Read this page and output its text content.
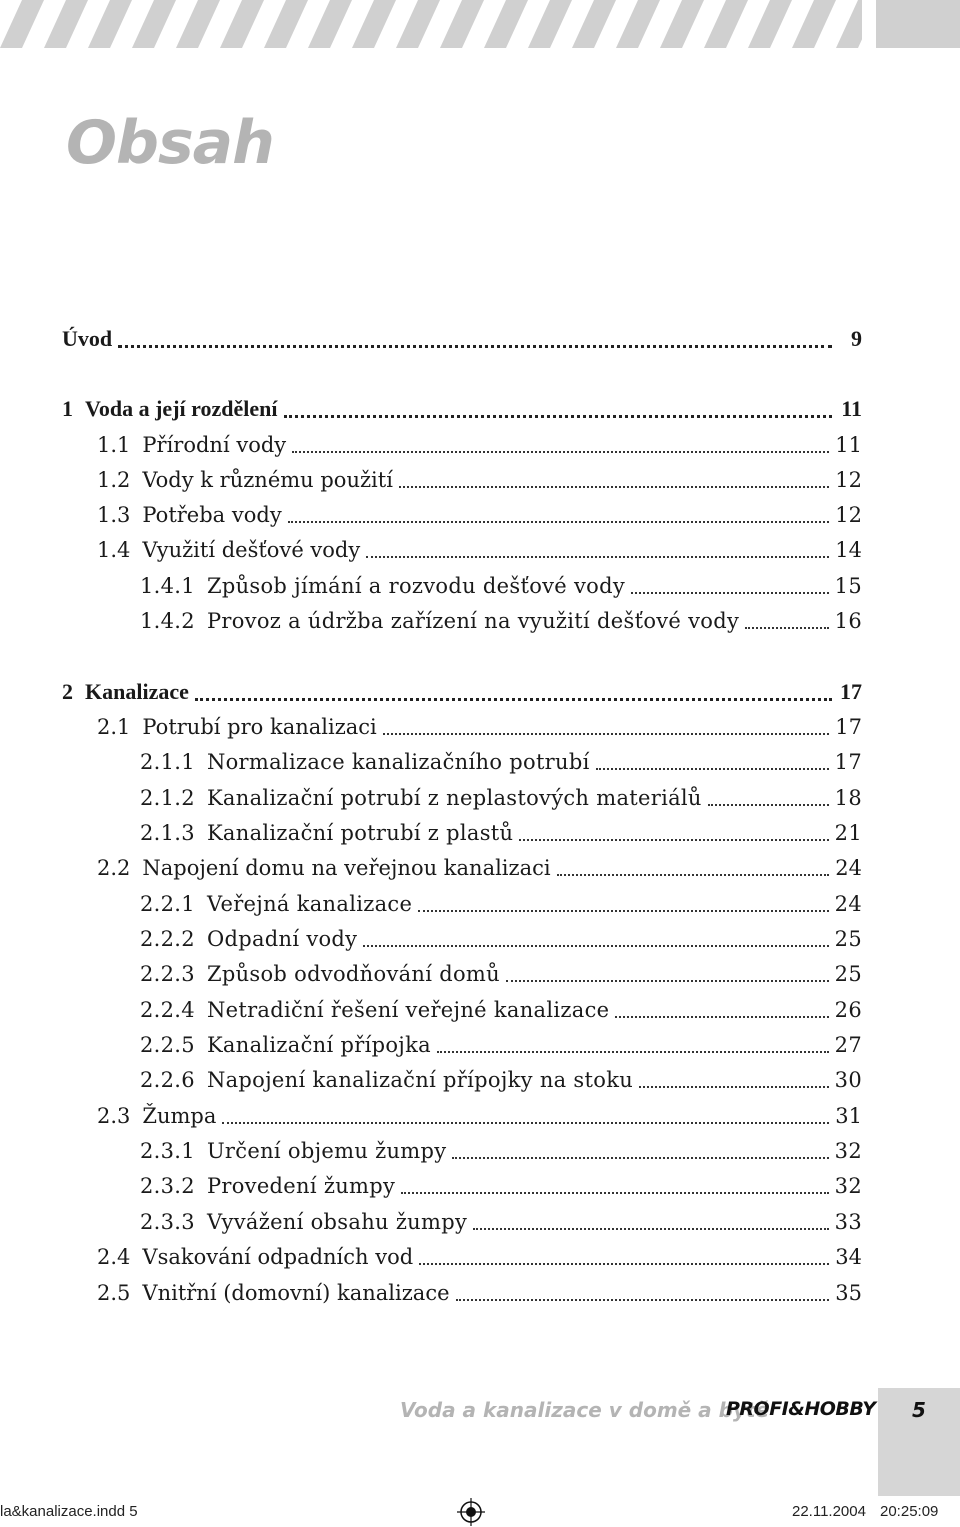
Obsah
Úvod	9
1 Voda a její rozdělení	11
1.1 Přírodní vody	11
1.2 Vody k různému použití	12
1.3 Potřeba vody	12
1.4 Využití dešťové vody	14
1.4.1 Způsob jímání a rozvodu dešťové vody	15
1.4.2 Provoz a údržba zařízení na využití dešťové vody	16
2 Kanalizace	17
2.1 Potrubí pro kanalizaci	17
2.1.1 Normalizace kanalizačního potrubí	17
2.1.2 Kanalizační potrubí z neplastových materiálů	18
2.1.3 Kanalizační potrubí z plastů	21
2.2 Napojení domu na veřejnou kanalizaci	24
2.2.1 Veřejná kanalizace	24
2.2.2 Odpadní vody	25
2.2.3 Způsob odvodňování domů	25
2.2.4 Netradiční řešení veřejné kanalizace	26
2.2.5 Kanalizační přípojka	27
2.2.6 Napojení kanalizační přípojky na stoku	30
2.3 Žumpa	31
2.3.1 Určení objemu žumpy	32
2.3.2 Provedení žumpy	32
2.3.3 Vyvážení obsahu žumpy	33
2.4 Vsakování odpadních vod	34
2.5 Vnitřní (domovní) kanalizace	35
Voda a kanalizace v domě a bytě
PROFI&HOBBY	5
la&kanalizace.indd 5	22.11.2004 20:25:09
